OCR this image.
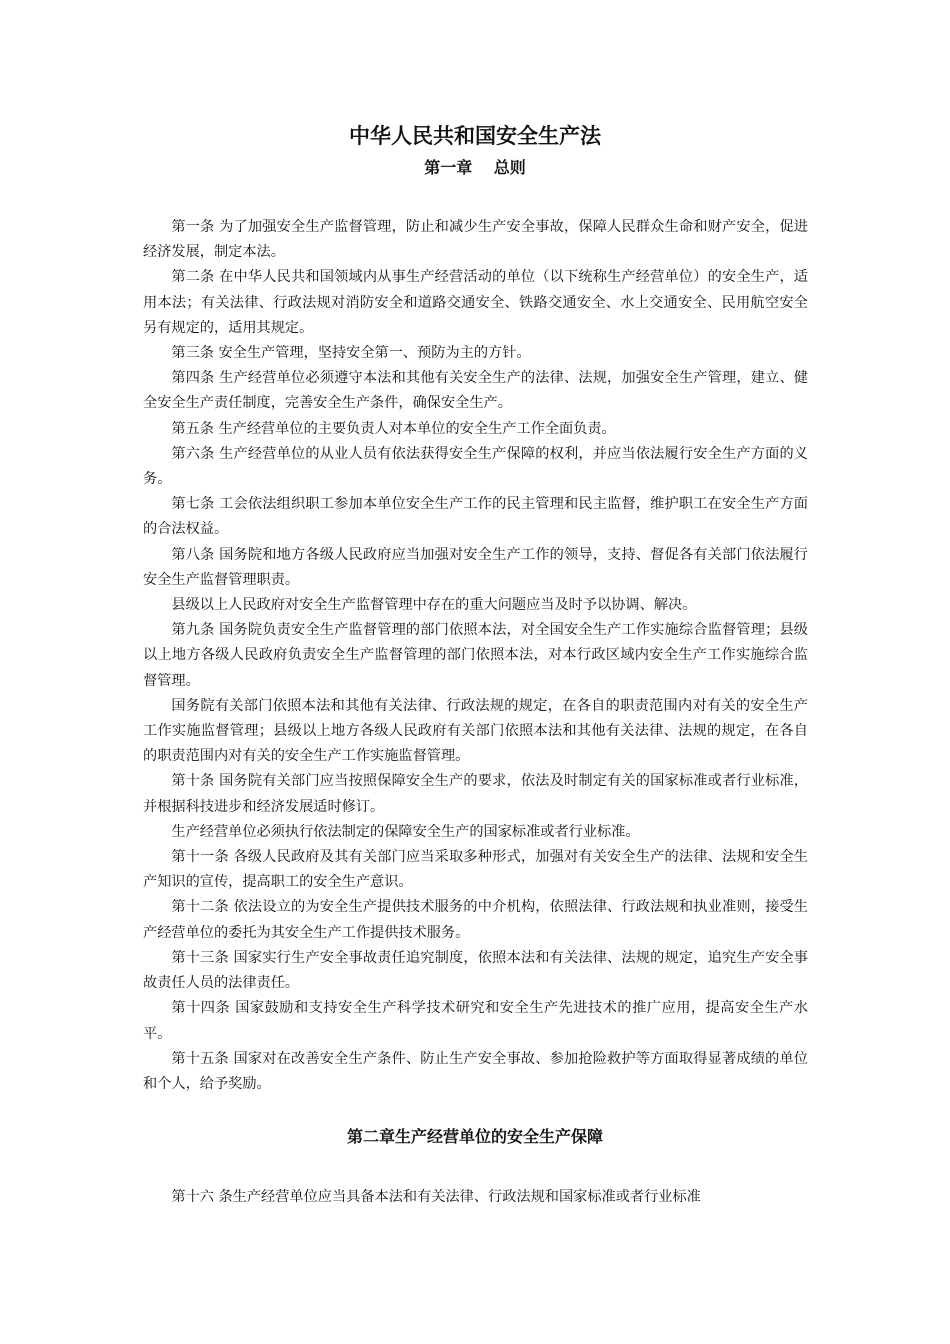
中华人民共和国安全生产法
第一章　 总则

第一条 为了加强安全生产监督管理，防止和减少生产安全事故，保障人民群众生命和财产安全，促进经济发展，制定本法。

第二条 在中华人民共和国领域内从事生产经营活动的单位（以下统称生产经营单位）的安全生产，适用本法；有关法律、行政法规对消防安全和道路交通安全、铁路交通安全、水上交通安全、民用航空安全另有规定的，适用其规定。

第三条 安全生产管理，坚持安全第一、预防为主的方针。

第四条 生产经营单位必须遵守本法和其他有关安全生产的法律、法规，加强安全生产管理，建立、健全安全生产责任制度，完善安全生产条件，确保安全生产。

第五条 生产经营单位的主要负责人对本单位的安全生产工作全面负责。

第六条 生产经营单位的从业人员有依法获得安全生产保障的权利，并应当依法履行安全生产方面的义务。

第七条 工会依法组织职工参加本单位安全生产工作的民主管理和民主监督，维护职工在安全生产方面的合法权益。

第八条 国务院和地方各级人民政府应当加强对安全生产工作的领导，支持、督促各有关部门依法履行安全生产监督管理职责。

县级以上人民政府对安全生产监督管理中存在的重大问题应当及时予以协调、解决。

第九条 国务院负责安全生产监督管理的部门依照本法，对全国安全生产工作实施综合监督管理；县级以上地方各级人民政府负责安全生产监督管理的部门依照本法，对本行政区域内安全生产工作实施综合监督管理。

国务院有关部门依照本法和其他有关法律、行政法规的规定，在各自的职责范围内对有关的安全生产工作实施监督管理；县级以上地方各级人民政府有关部门依照本法和其他有关法律、法规的规定，在各自的职责范围内对有关的安全生产工作实施监督管理。

第十条 国务院有关部门应当按照保障安全生产的要求，依法及时制定有关的国家标准或者行业标准，并根据科技进步和经济发展适时修订。

生产经营单位必须执行依法制定的保障安全生产的国家标准或者行业标准。

第十一条 各级人民政府及其有关部门应当采取多种形式，加强对有关安全生产的法律、法规和安全生产知识的宣传，提高职工的安全生产意识。

第十二条 依法设立的为安全生产提供技术服务的中介机构，依照法律、行政法规和执业准则，接受生产经营单位的委托为其安全生产工作提供技术服务。

第十三条 国家实行生产安全事故责任追究制度，依照本法和有关法律、法规的规定，追究生产安全事故责任人员的法律责任。

第十四条 国家鼓励和支持安全生产科学技术研究和安全生产先进技术的推广应用，提高安全生产水平。

第十五条 国家对在改善安全生产条件、防止生产安全事故、参加抢险救护等方面取得显著成绩的单位和个人，给予奖励。

第二章生产经营单位的安全生产保障

第十六 条生产经营单位应当具备本法和有关法律、行政法规和国家标准或者行业标准
